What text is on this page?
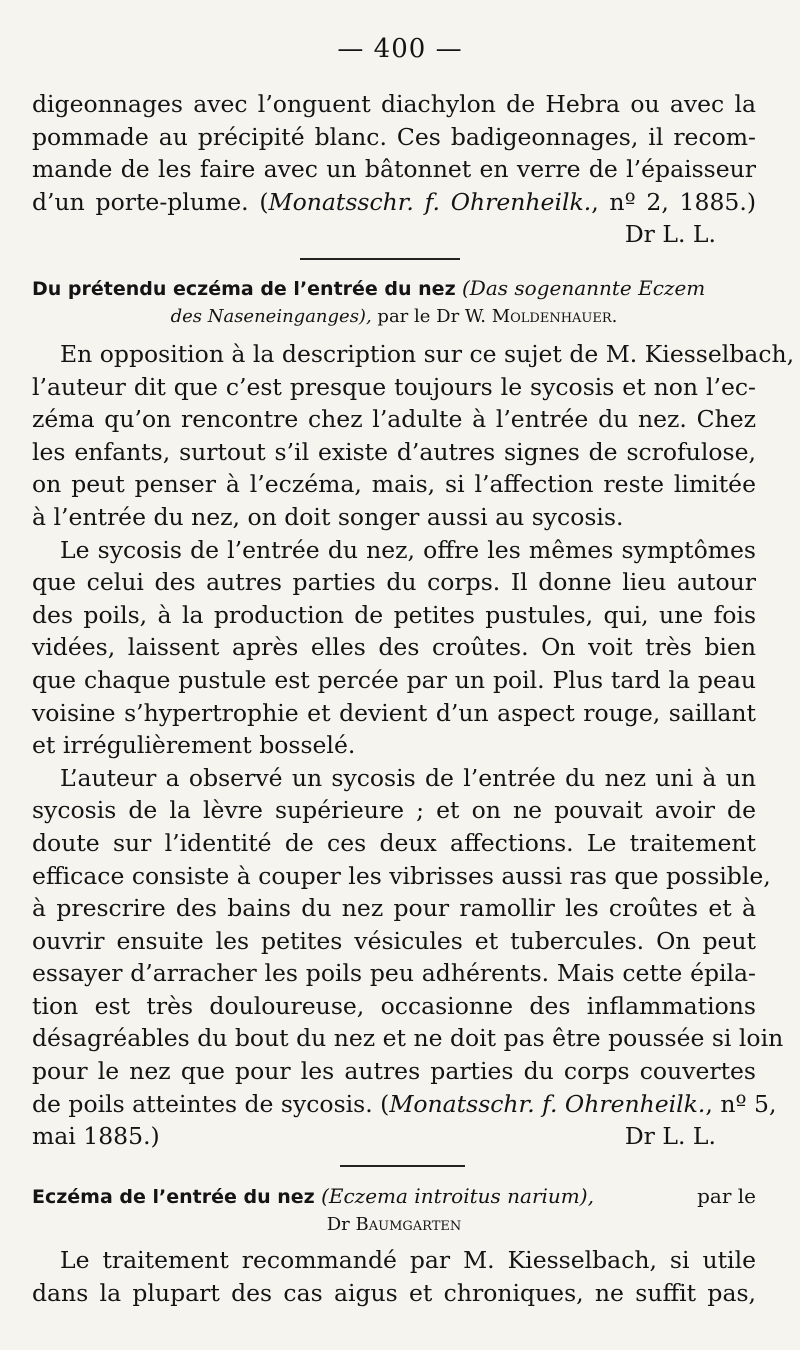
— 400 —
digeonnages avec l’onguent diachylon de Hebra ou avec la
pommade au précipité blanc. Ces badigeonnages, il recom-
mande de les faire avec un bâtonnet en verre de l’épaisseur
d’un porte-plume. (Monatsschr. f. Ohrenheilk., nº 2, 1885.)
Dr L. L.
Du prétendu eczéma de l’entrée du nez (Das sogenannte Eczem
des Naseneinganges), par le Dr W. Moldenhauer.
En opposition à la description sur ce sujet de M. Kiesselbach,
l’auteur dit que c’est presque toujours le sycosis et non l’ec-
zéma qu’on rencontre chez l’adulte à l’entrée du nez. Chez
les enfants, surtout s’il existe d’autres signes de scrofulose,
on peut penser à l’eczéma, mais, si l’affection reste limitée
à l’entrée du nez, on doit songer aussi au sycosis.
Le sycosis de l’entrée du nez, offre les mêmes symptômes
que celui des autres parties du corps. Il donne lieu autour
des poils, à la production de petites pustules, qui, une fois
vidées, laissent après elles des croûtes. On voit très bien
que chaque pustule est percée par un poil. Plus tard la peau
voisine s’hypertrophie et devient d’un aspect rouge, saillant
et irrégulièrement bosselé.
L’auteur a observé un sycosis de l’entrée du nez uni à un
sycosis de la lèvre supérieure ; et on ne pouvait avoir de
doute sur l’identité de ces deux affections. Le traitement
efficace consiste à couper les vibrisses aussi ras que possible,
à prescrire des bains du nez pour ramollir les croûtes et à
ouvrir ensuite les petites vésicules et tubercules. On peut
essayer d’arracher les poils peu adhérents. Mais cette épila-
tion est très douloureuse, occasionne des inflammations
désagréables du bout du nez et ne doit pas être poussée si loin
pour le nez que pour les autres parties du corps couvertes
de poils atteintes de sycosis. (Monatsschr. f. Ohrenheilk., nº 5,
mai 1885.)	Dr L. L.
Eczéma de l’entrée du nez (Eczema introitus narium),	par le
Dr Baumgarten
Le traitement recommandé par M. Kiesselbach, si utile
dans la plupart des cas aigus et chroniques, ne suffit pas,
